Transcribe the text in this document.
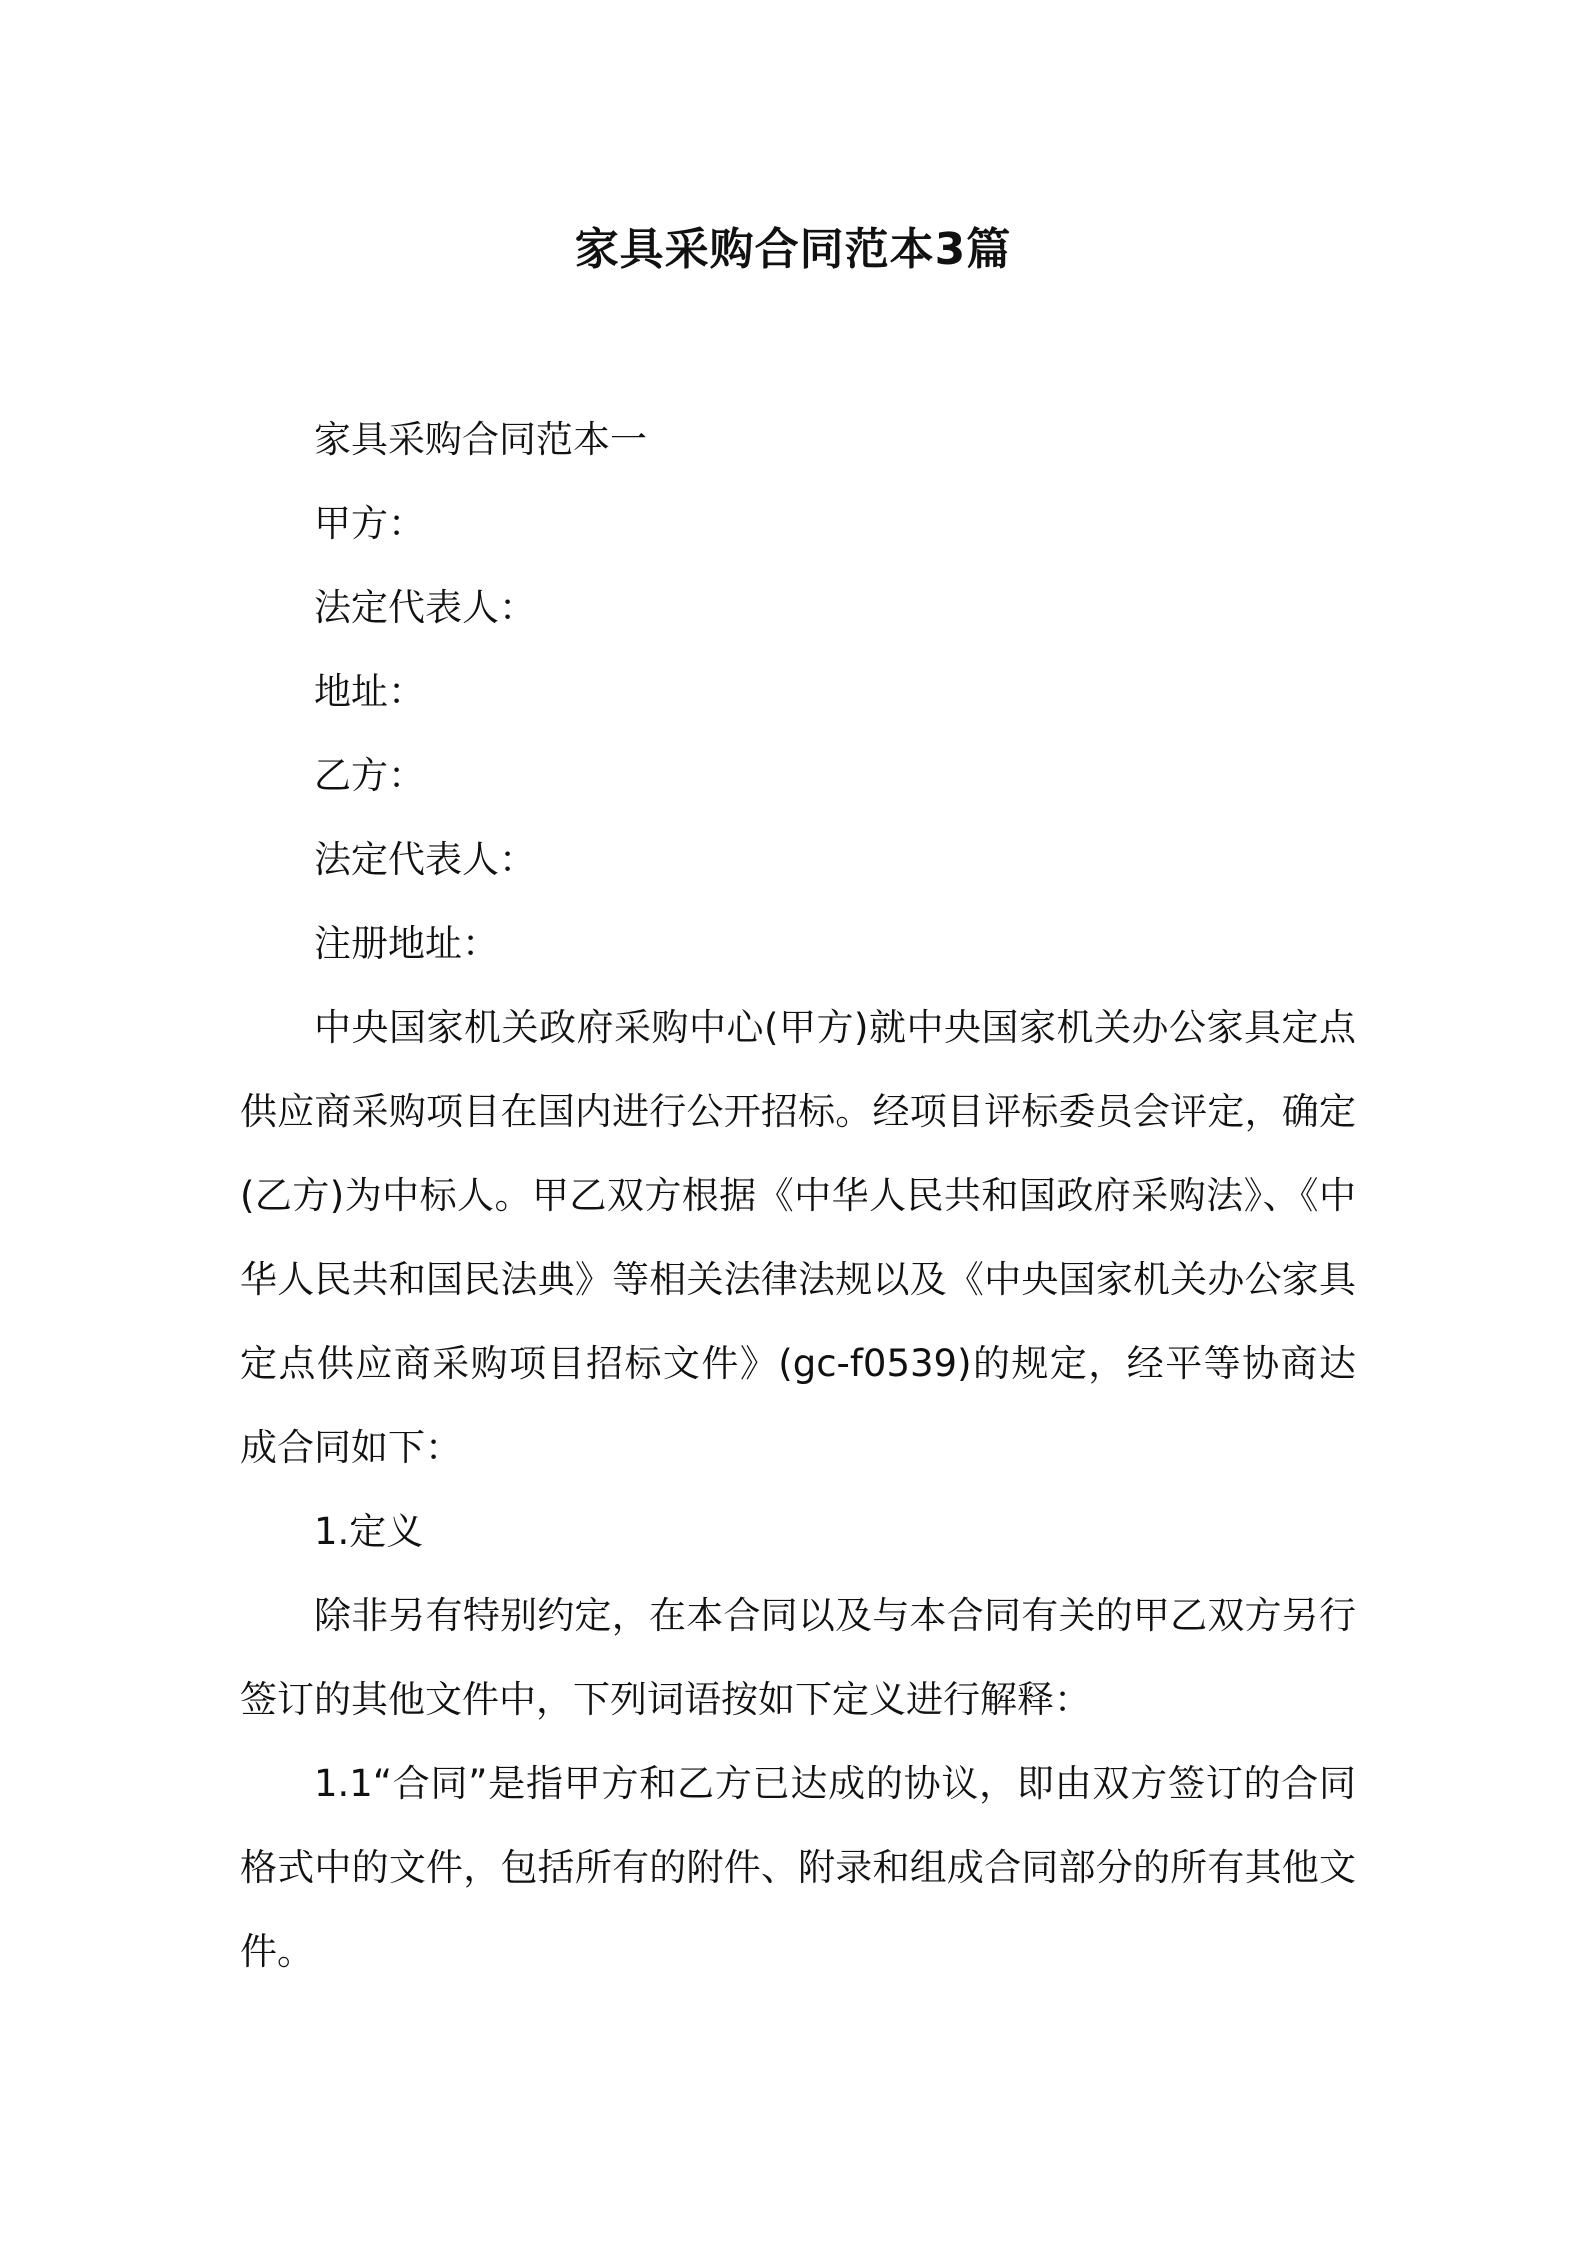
家具采购合同范本3篇

家具采购合同范本一

甲方：

法定代表人：

地址：

乙方：

法定代表人：

注册地址：

中央国家机关政府采购中心(甲方)就中央国家机关办公家具定点供应商采购项目在国内进行公开招标。经项目评标委员会评定，确定(乙方)为中标人。甲乙双方根据《中华人民共和国政府采购法》、《中华人民共和国民法典》等相关法律法规以及《中央国家机关办公家具定点供应商采购项目招标文件》(gc-f0539)的规定，经平等协商达成合同如下：

1.定义

除非另有特别约定，在本合同以及与本合同有关的甲乙双方另行签订的其他文件中，下列词语按如下定义进行解释：

1.1“合同”是指甲方和乙方已达成的协议，即由双方签订的合同格式中的文件，包括所有的附件、附录和组成合同部分的所有其他文件。
